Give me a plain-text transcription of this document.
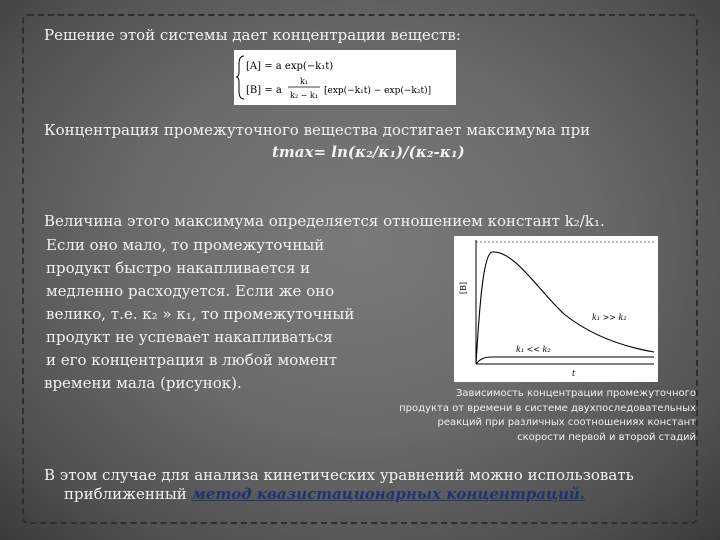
Решение этой системы дает концентрации веществ:
[A] = a exp(−k₁t)
[B] = a
k₁
k₂ − k₁ [exp(−k₁t) − exp(−k₂t)]
Концентрация промежуточного вещества достигает максимума при
tmax= ln(κ₂/κ₁)/(κ₂-κ₁)
Величина этого максимума определяется отношением констант k₂/k₁.
Если оно мало, то промежуточный
продукт быстро накапливается и
медленно расходуется. Если же оно
велико, т.е. κ₂ » κ₁, то промежуточный
продукт не успевает накапливаться
и его концентрация в любой момент
времени мала (рисунок).
[B]
k₁ >> k₂
k₁ << k₂
t
Зависимость концентрации промежуточного
продукта от времени в системе двухпоследовательных
реакций при различных соотношениях констант
скорости первой и второй стадий
В этом случае для анализа кинетических уравнений можно использовать
приближенный метод квазистационарных концентраций.
